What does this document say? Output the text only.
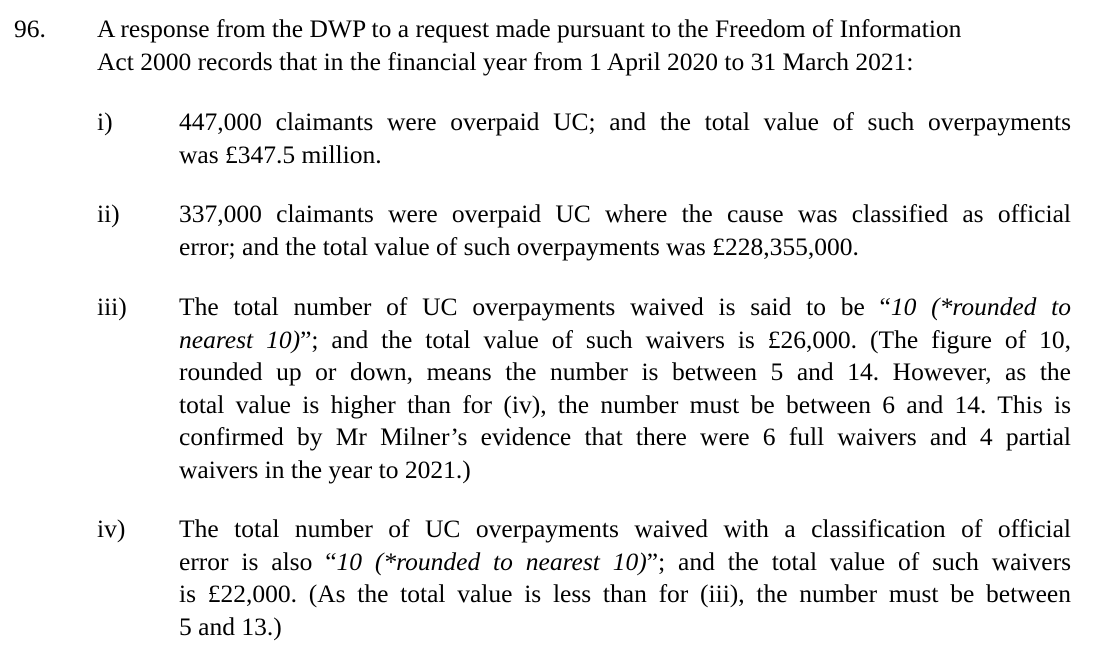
96. A response from the DWP to a request made pursuant to the Freedom of Information
Act 2000 records that in the financial year from 1 April 2020 to 31 March 2021:
i)	447,000 claimants were overpaid UC; and the total value of such overpayments
was £347.5 million.
ii) 337,000 claimants were overpaid UC where the cause was classified as official
error; and the total value of such overpayments was £228,355,000.
iii) The total number of UC overpayments waived is said to be “10 (*rounded to
nearest 10)”; and the total value of such waivers is £26,000. (The figure of 10,
rounded up or down, means the number is between 5 and 14. However, as the
total value is higher than for (iv), the number must be between 6 and 14. This is
confirmed by Mr Milner’s evidence that there were 6 full waivers and 4 partial
waivers in the year to 2021.)
iv) The total number of UC overpayments waived with a classification of official
error is also “10 (*rounded to nearest 10)”; and the total value of such waivers
is £22,000. (As the total value is less than for (iii), the number must be between
5 and 13.)
